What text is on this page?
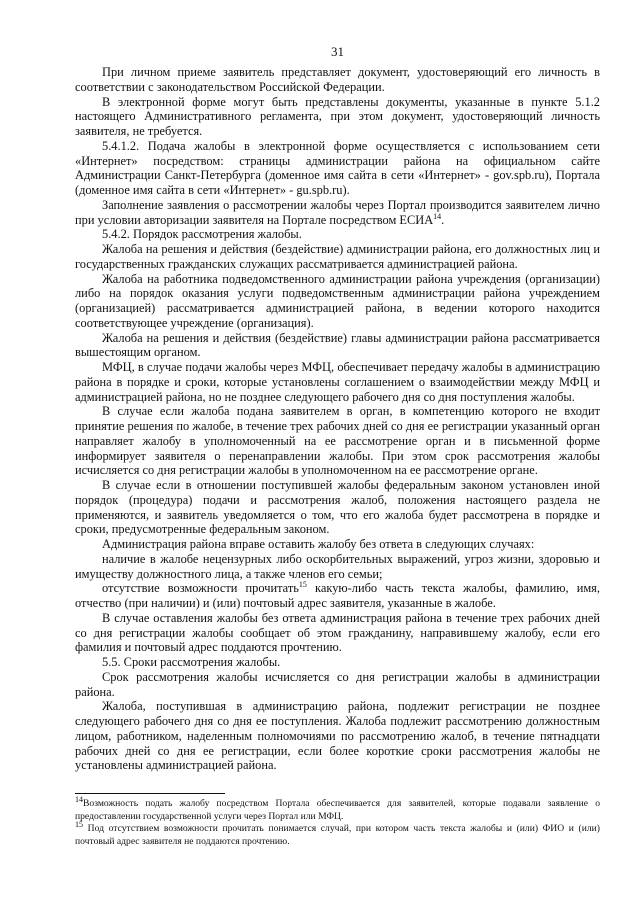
31

При личном приеме заявитель представляет документ, удостоверяющий его личность в соответствии с законодательством Российской Федерации.

В электронной форме могут быть представлены документы, указанные в пункте 5.1.2 настоящего Административного регламента, при этом документ, удостоверяющий личность заявителя, не требуется.

5.4.1.2. Подача жалобы в электронной форме осуществляется с использованием сети «Интернет» посредством: страницы администрации района на официальном сайте Администрации Санкт-Петербурга (доменное имя сайта в сети «Интернет» - gov.spb.ru), Портала (доменное имя сайта в сети «Интернет» - gu.spb.ru).

Заполнение заявления о рассмотрении жалобы через Портал производится заявителем лично при условии авторизации заявителя на Портале посредством ЕСИА$^{14}$.

5.4.2. Порядок рассмотрения жалобы.

Жалоба на решения и действия (бездействие) администрации района, его должностных лиц и государственных гражданских служащих рассматривается администрацией района.

Жалоба на работника подведомственного администрации района учреждения (организации) либо на порядок оказания услуги подведомственным администрации района учреждением (организацией) рассматривается администрацией района, в ведении которого находится соответствующее учреждение (организация).

Жалоба на решения и действия (бездействие) главы администрации района рассматривается вышестоящим органом.

МФЦ, в случае подачи жалобы через МФЦ, обеспечивает передачу жалобы в администрацию района в порядке и сроки, которые установлены соглашением о взаимодействии между МФЦ и администрацией района, но не позднее следующего рабочего дня со дня поступления жалобы.

В случае если жалоба подана заявителем в орган, в компетенцию которого не входит принятие решения по жалобе, в течение трех рабочих дней со дня ее регистрации указанный орган направляет жалобу в уполномоченный на ее рассмотрение орган и в письменной форме информирует заявителя о перенаправлении жалобы. При этом срок рассмотрения жалобы исчисляется со дня регистрации жалобы в уполномоченном на ее рассмотрение органе.

В случае если в отношении поступившей жалобы федеральным законом установлен иной порядок (процедура) подачи и рассмотрения жалоб, положения настоящего раздела не применяются, и заявитель уведомляется о том, что его жалоба будет рассмотрена в порядке и сроки, предусмотренные федеральным законом.

Администрация района вправе оставить жалобу без ответа в следующих случаях:

наличие в жалобе нецензурных либо оскорбительных выражений, угроз жизни, здоровью и имуществу должностного лица, а также членов его семьи;

отсутствие возможности прочитать$^{15}$ какую-либо часть текста жалобы, фамилию, имя, отчество (при наличии) и (или) почтовый адрес заявителя, указанные в жалобе.

В случае оставления жалобы без ответа администрация района в течение трех рабочих дней со дня регистрации жалобы сообщает об этом гражданину, направившему жалобу, если его фамилия и почтовый адрес поддаются прочтению.

5.5. Сроки рассмотрения жалобы.

Срок рассмотрения жалобы исчисляется со дня регистрации жалобы в администрации района.

Жалоба, поступившая в администрацию района, подлежит регистрации не позднее следующего рабочего дня со дня ее поступления. Жалоба подлежит рассмотрению должностным лицом, работником, наделенным полномочиями по рассмотрению жалоб, в течение пятнадцати рабочих дней со дня ее регистрации, если более короткие сроки рассмотрения жалобы не установлены администрацией района.

$^{14}$Возможность подать жалобу посредством Портала обеспечивается для заявителей, которые подавали заявление о предоставлении государственной услуги через Портал или МФЦ.

$^{15}$ Под отсутствием возможности прочитать понимается случай, при котором часть текста жалобы и (или) ФИО и (или) почтовый адрес заявителя не поддаются прочтению.
